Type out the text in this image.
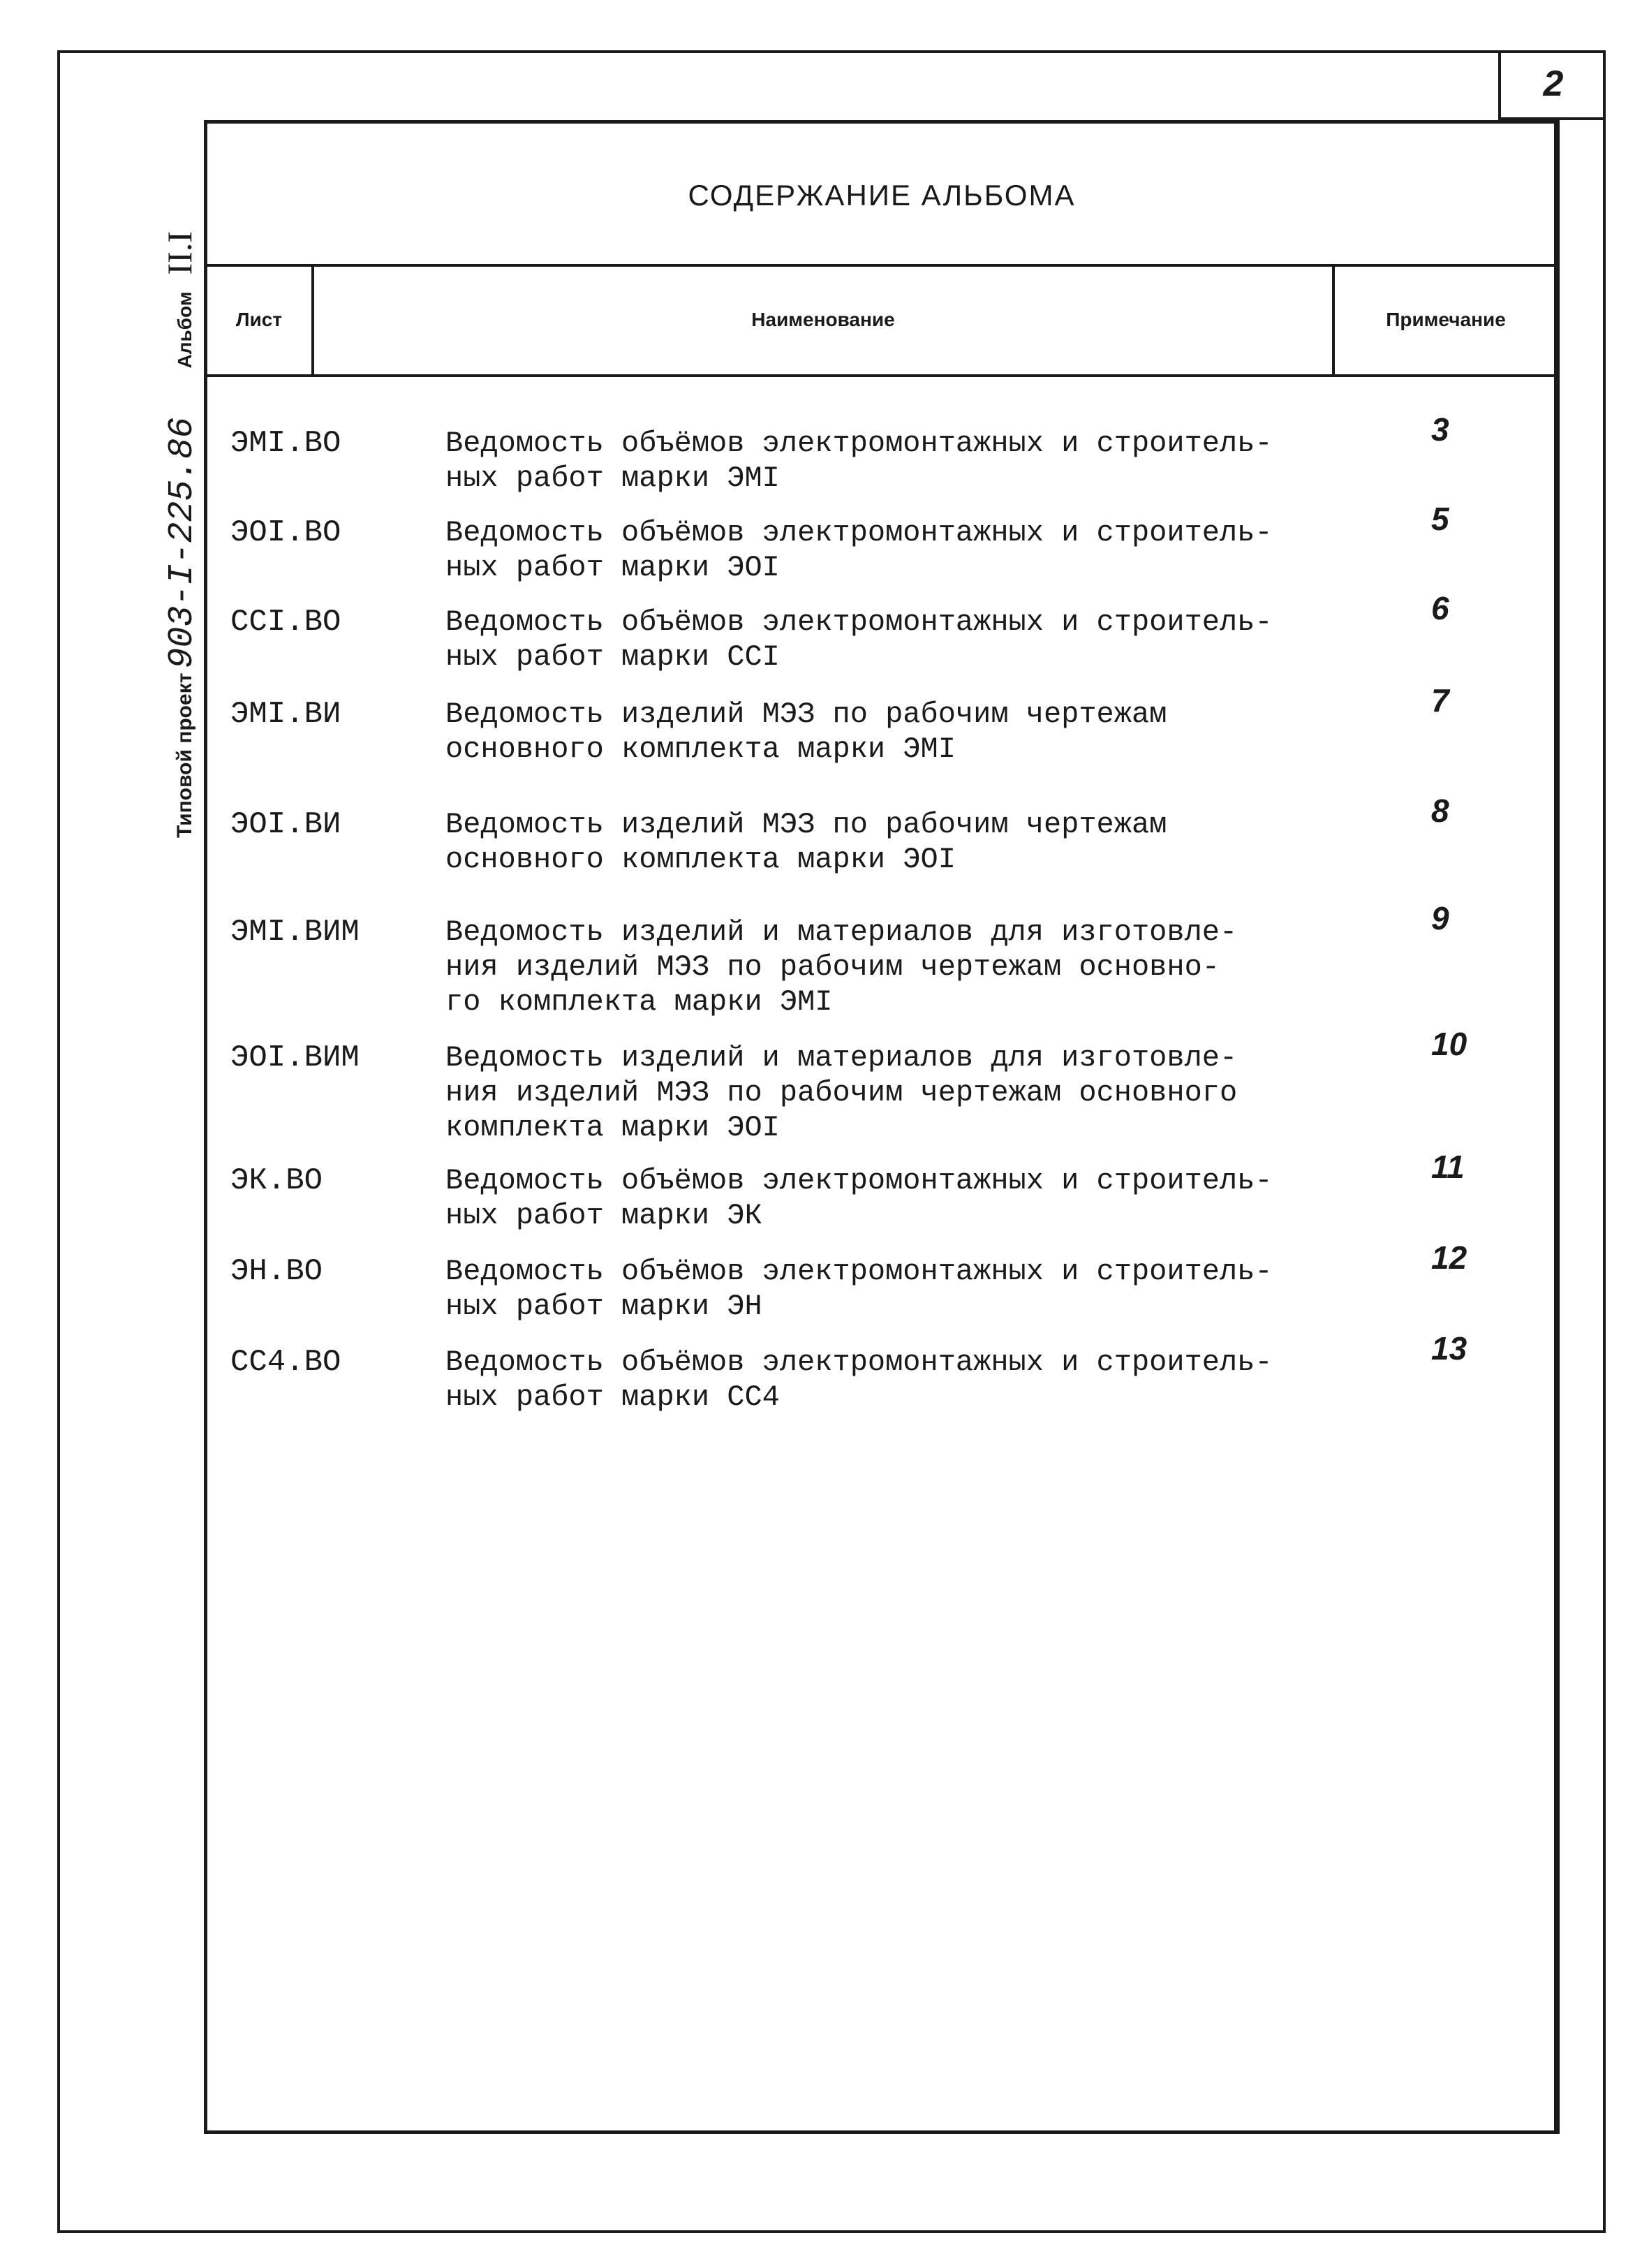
2
Типовой проект
903-I-225.86
Альбом
II.I
СОДЕРЖАНИЕ АЛЬБОМА
Лист	Наименование	Примечание
ЭМI.ВО	Ведомость объёмов электромонтажных и строитель-
ных работ марки ЭМI
3
ЭОI.ВО	Ведомость объёмов электромонтажных и строитель-
ных работ марки ЭОI
5
ССI.ВО	Ведомость объёмов электромонтажных и строитель-
ных работ марки ССI
6
ЭМI.ВИ	Ведомость изделий МЭЗ по рабочим чертежам
основного комплекта марки ЭМI
7
ЭОI.ВИ	Ведомость изделий МЭЗ по рабочим чертежам
основного комплекта марки ЭОI
8
ЭМI.ВИМ	Ведомость изделий и материалов для изготовле-
ния изделий МЭЗ по рабочим чертежам основно-
го комплекта марки ЭМI
9
ЭОI.ВИМ	Ведомость изделий и материалов для изготовле-
ния изделий МЭЗ по рабочим чертежам основного
комплекта марки ЭОI
10
ЭК.ВО	Ведомость объёмов электромонтажных и строитель-
ных работ марки ЭК
11
ЭН.ВО	Ведомость объёмов электромонтажных и строитель-
ных работ марки ЭН
12
СС4.ВО	Ведомость объёмов электромонтажных и строитель-
ных работ марки СС4
13
